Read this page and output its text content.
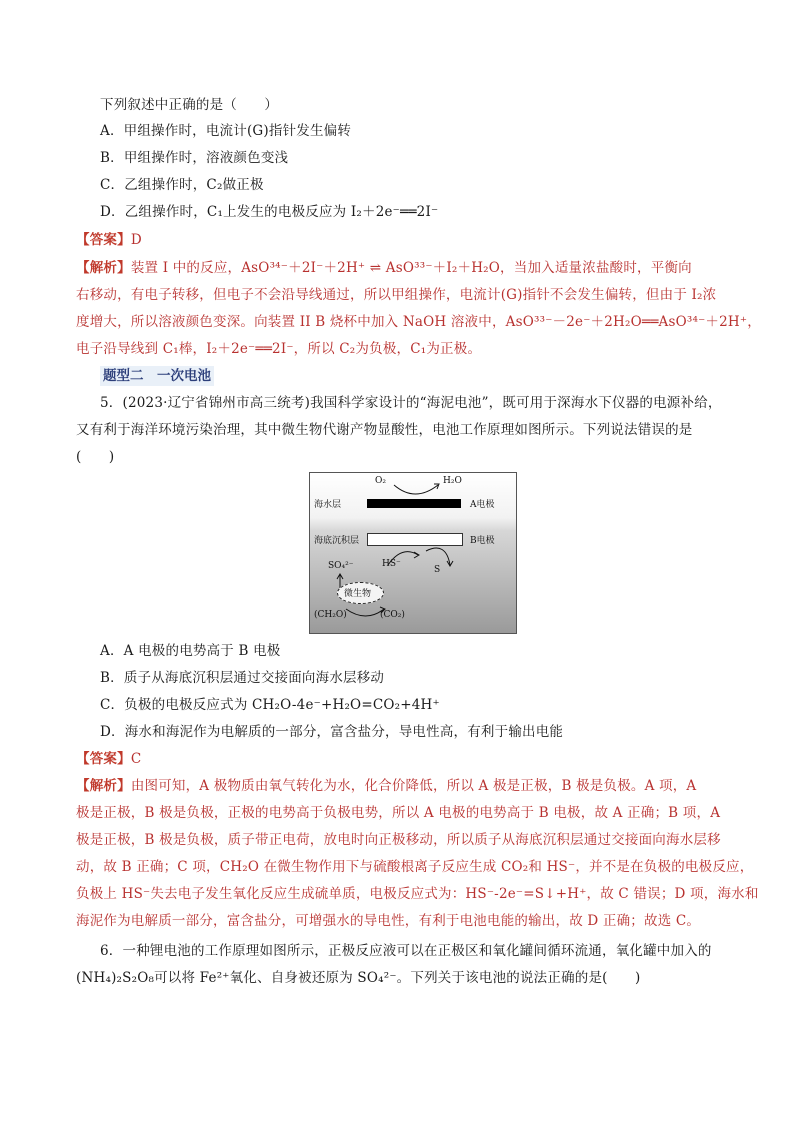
下列叙述中正确的是（　　）
A．甲组操作时，电流计(G)指针发生偏转
B．甲组操作时，溶液颜色变浅
C．乙组操作时，C₂做正极
D．乙组操作时，C₁上发生的电极反应为 I₂＋2e⁻══2I⁻
【答案】D
【解析】装置 I 中的反应，AsO³⁴⁻＋2I⁻＋2H⁺ ⇌ AsO³³⁻＋I₂＋H₂O，当加入适量浓盐酸时，平衡向
右移动，有电子转移，但电子不会沿导线通过，所以甲组操作，电流计(G)指针不会发生偏转，但由于 I₂浓
度增大，所以溶液颜色变深。向装置 II B 烧杯中加入 NaOH 溶液中，AsO³³⁻－2e⁻＋2H₂O══AsO³⁴⁻＋2H⁺，
电子沿导线到 C₁棒，I₂＋2e⁻══2I⁻，所以 C₂为负极，C₁为正极。
题型二　一次电池
5．(2023·辽宁省锦州市高三统考)我国科学家设计的“海泥电池”，既可用于深海水下仪器的电源补给，
又有利于海洋环境污染治理，其中微生物代谢产物显酸性，电池工作原理如图所示。下列说法错误的是
(　　)
O₂	H₂O
海水层	A电极
海底沉积层	B电极
SO₄²⁻	HS⁻
S
微生物
(CH₂O)	(CO₂)
A．A 电极的电势高于 B 电极
B．质子从海底沉积层通过交接面向海水层移动
C．负极的电极反应式为 CH₂O-4e⁻+H₂O=CO₂+4H⁺
D．海水和海泥作为电解质的一部分，富含盐分，导电性高，有利于输出电能
【答案】C
【解析】由图可知，A 极物质由氧气转化为水，化合价降低，所以 A 极是正极，B 极是负极。A 项，A
极是正极，B 极是负极，正极的电势高于负极电势，所以 A 电极的电势高于 B 电极，故 A 正确；B 项，A
极是正极，B 极是负极，质子带正电荷，放电时向正极移动，所以质子从海底沉积层通过交接面向海水层移
动，故 B 正确；C 项，CH₂O 在微生物作用下与硫酸根离子反应生成 CO₂和 HS⁻，并不是在负极的电极反应，
负极上 HS⁻失去电子发生氧化反应生成硫单质，电极反应式为：HS⁻-2e⁻=S↓+H⁺，故 C 错误；D 项，海水和
海泥作为电解质一部分，富含盐分，可增强水的导电性，有利于电池电能的输出，故 D 正确；故选 C。
6．一种锂电池的工作原理如图所示，正极反应液可以在正极区和氧化罐间循环流通，氧化罐中加入的
(NH₄)₂S₂O₈可以将 Fe²⁺氧化、自身被还原为 SO₄²⁻。下列关于该电池的说法正确的是(　　)
